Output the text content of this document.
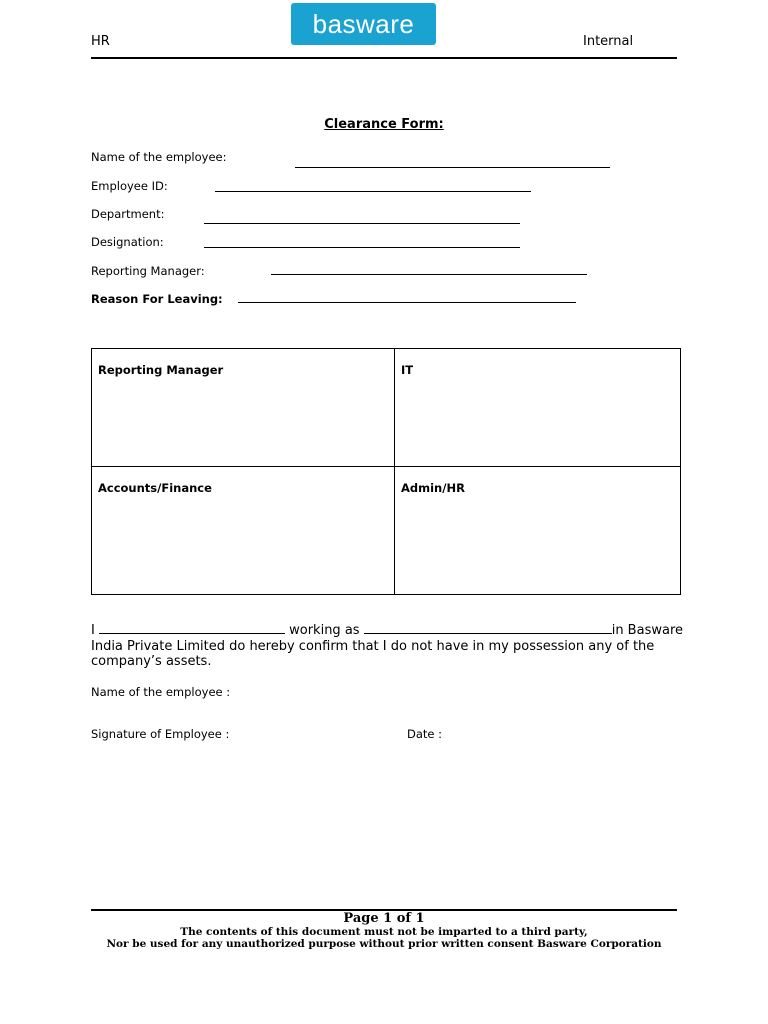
HR
basware
Internal
Clearance Form:
Name of the employee:
Employee ID:
Department:
Designation:
Reporting Manager:
Reason For Leaving:
Reporting Manager	IT
Accounts/Finance	Admin/HR
I	working as	in Basware India Private Limited do hereby confirm that I do not have in my possession any of the company’s assets.
Name of the employee :
Signature of Employee :	Date :
Page 1 of 1
The contents of this document must not be imparted to a third party,
Nor be used for any unauthorized purpose without prior written consent Basware Corporation
